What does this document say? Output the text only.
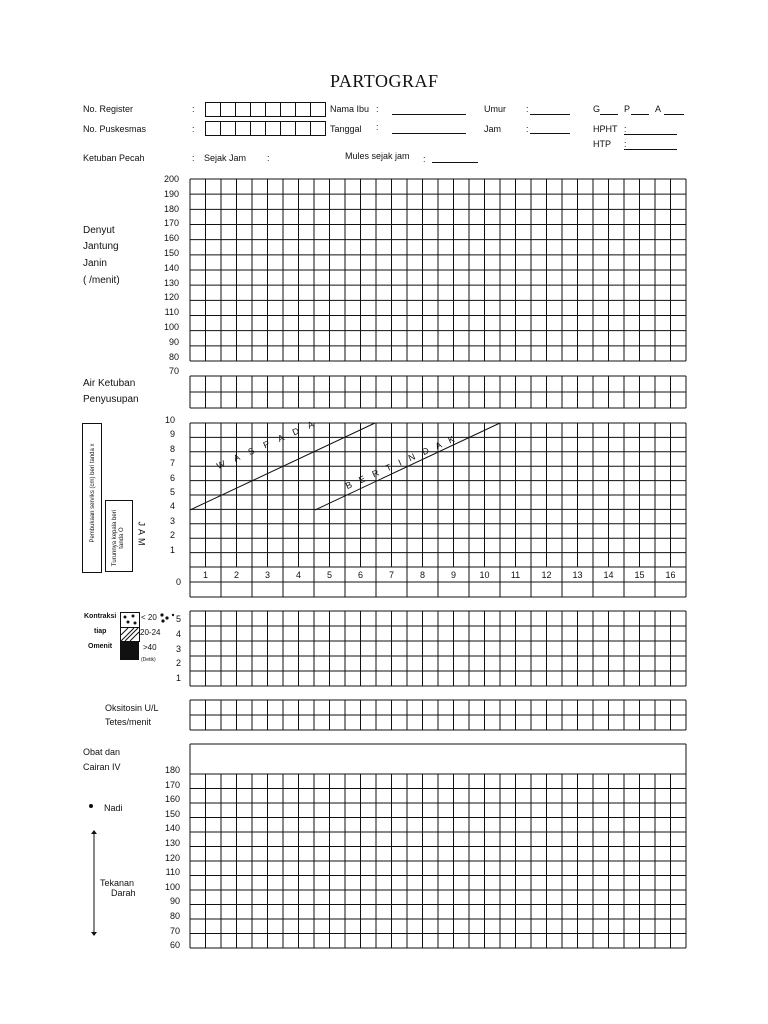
PARTOGRAF
No. Register	:	Nama Ibu :	Umur :	G	P	A
No. Puskesmas	:	Tanggal :	Jam	:	HPHT :
HTP :
Ketuban Pecah	: Sejak Jam :	Mules sejak jam :
Denyut
Jantung
Janin
( /menit)
200
190
180
170
160
150
140
130
120
110
100
90
80
70
Air Ketuban
Penyusupan
Pembukaan serviks (cm) beri tanda x	Turunnya kepala beri tanda O JAM
10
9
8
7
6
5
4
3
2
1
0
Kontraksi
tiap
Omenit
< 20
20-24
>40
(Detik)
5
4
3
2
1
Oksitosin U/L
Tetes/menit
Obat dan
Cairan IV
Nadi
Tekanan
Darah
180
170
160
150
140
130
120
110
100
90
80
70
60
1	2	3	4	5	6	7	8	9	10	11	12	13	14	15	16
W A S P A D A	B E R T I N D A K
